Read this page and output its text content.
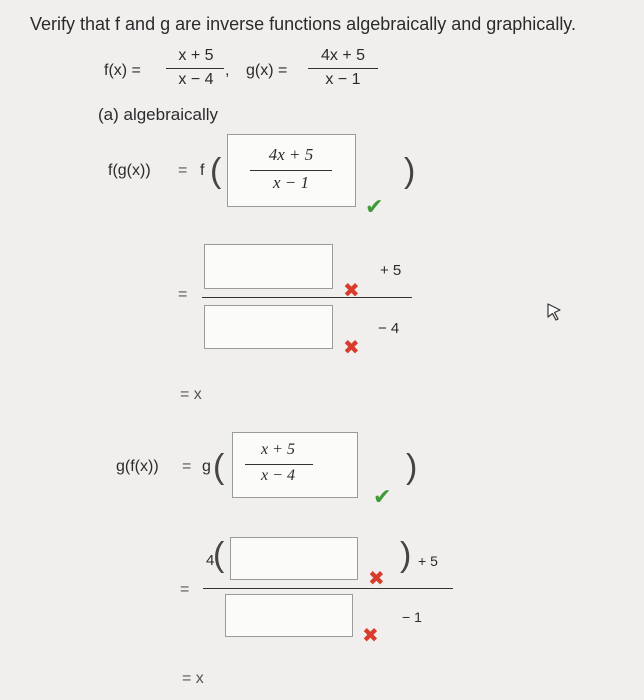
Verify that f and g are inverse functions algebraically and graphically.
f(x) =
x + 5
x − 4
, g(x) =
4x + 5
x − 1
(a) algebraically
f(g(x)) = f (	4x + 5
x − 1
✔
)
=	✖
+ 5
✖
− 4
= x
g(f(x)) = g (	x + 5
x − 4
✔
)
=
4
(
✖
) + 5
✖
− 1
= x
